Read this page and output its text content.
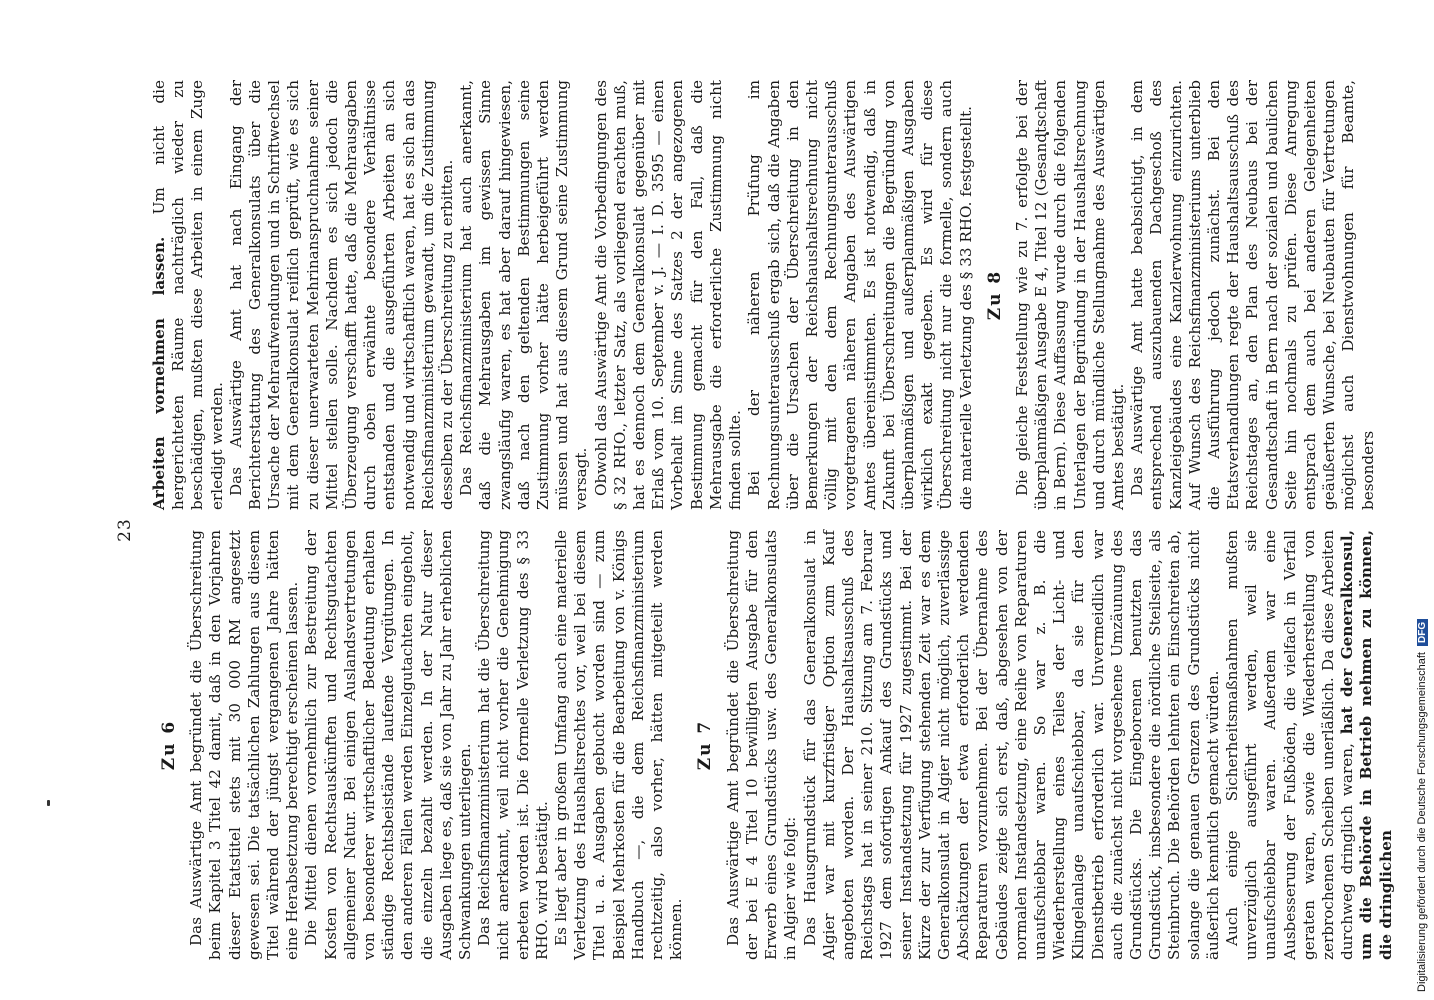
23
Zu 6 Das Auswärtige Amt begründet die Überschreitung beim Kapitel 3 Titel 42 damit, daß in den Vorjahren dieser Etatstitel stets mit 30 000 RM angesetzt gewesen sei. Die tatsächlichen Zahlungen aus diesem Titel während der jüngst vergangenen Jahre hätten eine Herabsetzung berechtigt erscheinen lassen. Die Mittel dienen vornehmlich zur Bestreitung der Kosten von Rechtsauskünften und Rechtsgutachten allgemeiner Natur. Bei einigen Auslandsvertretungen von besonderer wirtschaftlicher Bedeutung erhalten ständige Rechtsbeistände laufende Vergütungen. In den anderen Fällen werden Einzelgutachten eingeholt, die einzeln bezahlt werden. In der Natur dieser Ausgaben liege es, daß sie von Jahr zu Jahr erheblichen Schwankungen unterliegen. Das Reichsfinanzministerium hat die Überschreitung nicht anerkannt, weil nicht vorher die Genehmigung erbeten worden ist. Die formelle Verletzung des § 33 RHO. wird bestätigt. Es liegt aber in großem Umfang auch eine materielle Verletzung des Haushaltsrechtes vor, weil bei diesem Titel u. a. Ausgaben gebucht worden sind — zum Beispiel Mehrkosten für die Bearbeitung von v. Königs Handbuch —, die dem Reichsfinanzministerium rechtzeitig, also vorher, hätten mitgeteilt werden können.

Zu 7 Das Auswärtige Amt begründet die Überschreitung der bei E 4 Titel 10 bewilligten Ausgabe für den Erwerb eines Grundstücks usw. des Generalkonsulats in Algier wie folgt: Das Hausgrundstück für das Generalkonsulat in Algier war mit kurzfristiger Option zum Kauf angeboten worden. Der Haushaltsausschuß des Reichstags hat in seiner 210. Sitzung am 7. Februar 1927 dem sofortigen Ankauf des Grundstücks und seiner Instandsetzung für 1927 zugestimmt. Bei der Kürze der zur Verfügung stehenden Zeit war es dem Generalkonsulat in Algier nicht möglich, zuverlässige Abschätzungen der etwa erforderlich werdenden Reparaturen vorzunehmen. Bei der Übernahme des Gebäudes zeigte sich erst, daß, abgesehen von der normalen Instandsetzung, eine Reihe von Reparaturen unaufschiebbar waren. So war z. B. die Wiederherstellung eines Teiles der Licht- und Klingelanlage unaufschiebbar, da sie für den Dienstbetrieb erforderlich war. Unvermeidlich war auch die zunächst nicht vorgesehene Umzäunung des Grundstücks. Die Eingeborenen benutzten das Grundstück, insbesondere die nördliche Steilseite, als Steinbruch. Die Behörden lehnten ein Einschreiten ab, solange die genauen Grenzen des Grundstücks nicht äußerlich kenntlich gemacht würden. Auch einige Sicherheitsmaßnahmen mußten unverzüglich ausgeführt werden, weil sie unaufschiebbar waren. Außerdem war eine Ausbesserung der Fußböden, die vielfach in Verfall geraten waren, sowie die Wiederherstellung von zerbrochenen Scheiben unerläßlich. Da diese Arbeiten durchweg dringlich waren, hat der Generalkonsul, um die Behörde in Betrieb nehmen zu können, die dringlichen

Arbeiten vornehmen lassen. Um nicht die hergerichteten Räume nachträglich wieder zu beschädigen, mußten diese Arbeiten in einem Zuge erledigt werden. Das Auswärtige Amt hat nach Eingang der Berichterstattung des Generalkonsulats über die Ursache der Mehraufwendungen und in Schriftwechsel mit dem Generalkonsulat reiflich geprüft, wie es sich zu dieser unerwarteten Mehrinanspruchnahme seiner Mittel stellen solle. Nachdem es sich jedoch die Überzeugung verschafft hatte, daß die Mehrausgaben durch oben erwähnte besondere Verhältnisse entstanden und die ausgeführten Arbeiten an sich notwendig und wirtschaftlich waren, hat es sich an das Reichsfinanzministerium gewandt, um die Zustimmung desselben zu der Überschreitung zu erbitten. Das Reichsfinanzministerium hat auch anerkannt, daß die Mehrausgaben im gewissen Sinne zwangsläufig waren, es hat aber darauf hingewiesen, daß nach den geltenden Bestimmungen seine Zustimmung vorher hätte herbeigeführt werden müssen und hat aus diesem Grund seine Zustimmung versagt. Obwohl das Auswärtige Amt die Vorbedingungen des § 32 RHO., letzter Satz, als vorliegend erachten muß, hat es dennoch dem Generalkonsulat gegenüber mit Erlaß vom 10. September v. J. — I. D. 3595 — einen Vorbehalt im Sinne des Satzes 2 der angezogenen Bestimmung gemacht für den Fall, daß die Mehrausgabe die erforderliche Zustimmung nicht finden sollte. Bei der näheren Prüfung im Rechnungsunterausschuß ergab sich, daß die Angaben über die Ursachen der Überschreitung in den Bemerkungen der Reichshaushaltsrechnung nicht völlig mit den dem Rechnungsunterausschuß vorgetragenen näheren Angaben des Auswärtigen Amtes übereinstimmten. Es ist notwendig, daß in Zukunft bei Überschreitungen die Begründung von überplanmäßigen und außerplanmäßigen Ausgaben wirklich exakt gegeben. Es wird für diese Überschreitung nicht nur die formelle, sondern auch die materielle Verletzung des § 33 RHO. festgestellt. Zu 8 Die gleiche Feststellung wie zu 7. erfolgte bei der überplanmäßigen Ausgabe E 4, Titel 12 (Gesandtschaft in Bern). Diese Auffassung wurde durch die folgenden Unterlagen der Begründung in der Haushaltsrechnung und durch mündliche Stellungnahme des Auswärtigen Amtes bestätigt. Das Auswärtige Amt hatte beabsichtigt, in dem entsprechend auszubauenden Dachgeschoß des Kanzleigebäudes eine Kanzlerwohnung einzurichten. Auf Wunsch des Reichsfinanzministeriums unterblieb die Ausführung jedoch zunächst. Bei den Etatsverhandlungen regte der Haushaltsausschuß des Reichstages an, den Plan des Neubaus bei der Gesandtschaft in Bern nach der sozialen und baulichen Seite hin nochmals zu prüfen. Diese Anregung entsprach dem auch bei anderen Gelegenheiten geäußerten Wunsche, bei Neubauten für Vertretungen möglichst auch Dienstwohnungen für Beamte, besonders

Digitalisierung gefördert durch die Deutsche Forschungsgemeinschaft DFG
